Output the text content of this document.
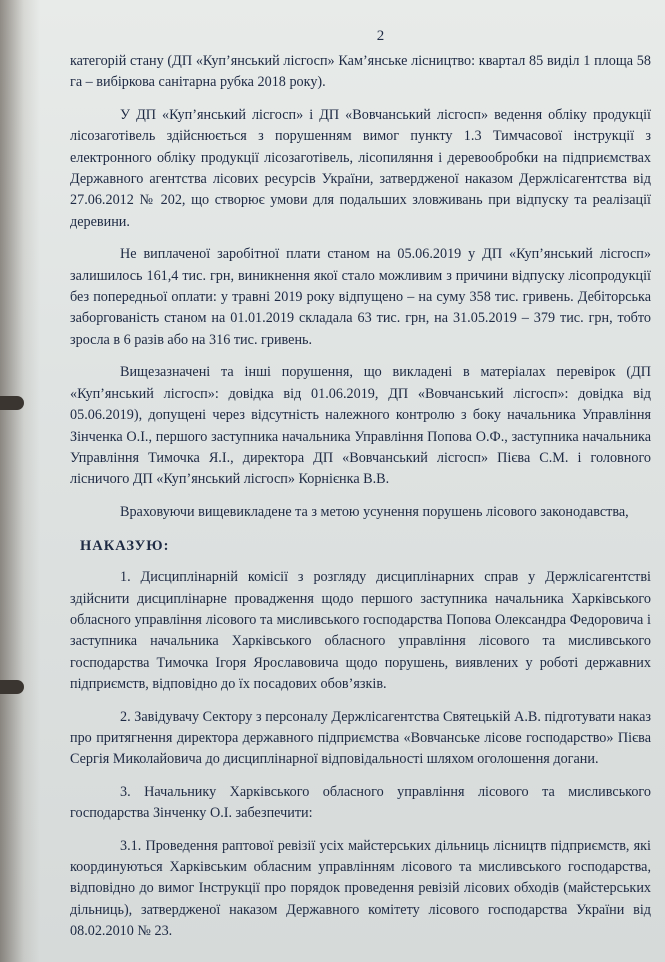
2

категорій стану (ДП «Куп’янський лісгосп» Кам’янське лісництво: квартал 85 виділ 1 площа 58 га – вибіркова санітарна рубка 2018 року).

У ДП «Куп’янський лісгосп» і ДП «Вовчанський лісгосп» ведення обліку продукції лісозаготівель здійснюється з порушенням вимог пункту 1.3 Тимчасової інструкції з електронного обліку продукції лісозаготівель, лісопиляння і деревообробки на підприємствах Державного агентства лісових ресурсів України, затвердженої наказом Держлісагентства від 27.06.2012 № 202, що створює умови для подальших зловживань при відпуску та реалізації деревини.

Не виплаченої заробітної плати станом на 05.06.2019 у ДП «Куп’янський лісгосп» залишилось 161,4 тис. грн, виникнення якої стало можливим з причини відпуску лісопродукції без попередньої оплати: у травні 2019 року відпущено – на суму 358 тис. гривень. Дебіторська заборгованість станом на 01.01.2019 складала 63 тис. грн, на 31.05.2019 – 379 тис. грн, тобто зросла в 6 разів або на 316 тис. гривень.

Вищезазначені та інші порушення, що викладені в матеріалах перевірок (ДП «Куп’янський лісгосп»: довідка від 01.06.2019, ДП «Вовчанський лісгосп»: довідка від 05.06.2019), допущені через відсутність належного контролю з боку начальника Управління Зінченка О.І., першого заступника начальника Управління Попова О.Ф., заступника начальника Управління Тимочка Я.І., директора ДП «Вовчанський лісгосп» Пієва С.М. і головного лісничого ДП «Куп’янський лісгосп» Корнієнка В.В.

Враховуючи вищевикладене та з метою усунення порушень лісового законодавства,

НАКАЗУЮ:

1. Дисциплінарній комісії з розгляду дисциплінарних справ у Держлісагентстві здійснити дисциплінарне провадження щодо першого заступника начальника Харківського обласного управління лісового та мисливського господарства Попова Олександра Федоровича і заступника начальника Харківського обласного управління лісового та мисливського господарства Тимочка Ігоря Ярославовича щодо порушень, виявлених у роботі державних підприємств, відповідно до їх посадових обов’язків.

2. Завідувачу Сектору з персоналу Держлісагентства Святецькій А.В. підготувати наказ про притягнення директора державного підприємства «Вовчанське лісове господарство» Пієва Сергія Миколайовича до дисциплінарної відповідальності шляхом оголошення догани.

3. Начальнику Харківського обласного управління лісового та мисливського господарства Зінченку О.І. забезпечити:

3.1. Проведення раптової ревізії усіх майстерських дільниць лісництв підприємств, які координуються Харківським обласним управлінням лісового та мисливського господарства, відповідно до вимог Інструкції про порядок проведення ревізій лісових обходів (майстерських дільниць), затвердженої наказом Державного комітету лісового господарства України від 08.02.2010 № 23.
